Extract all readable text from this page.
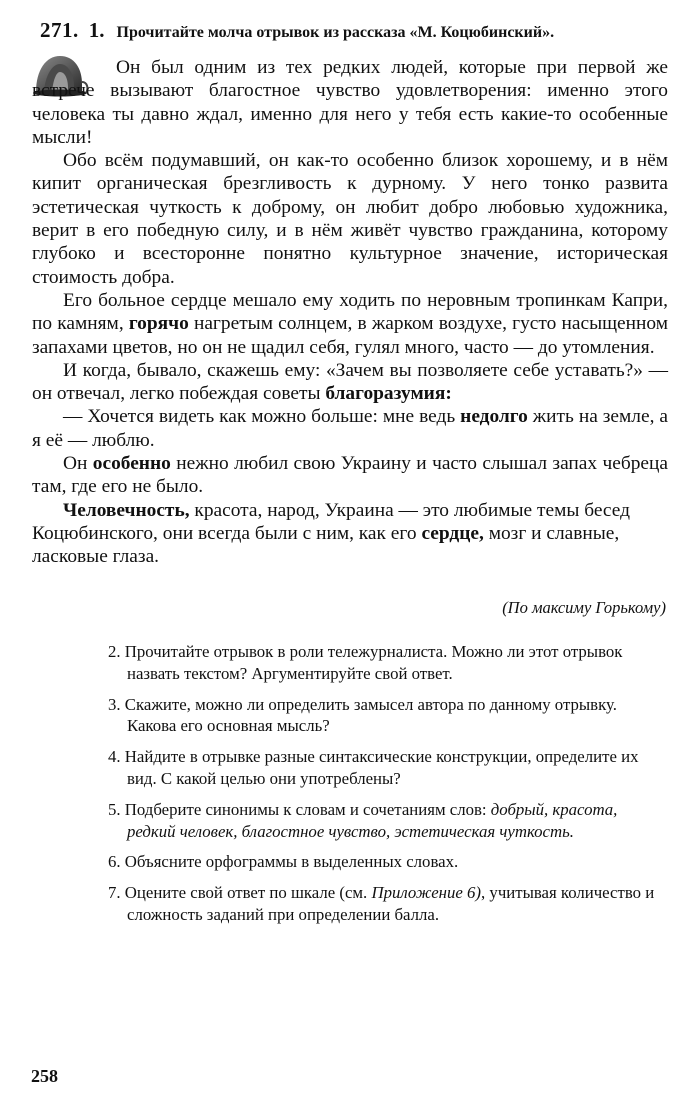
271. 1. Прочитайте молча отрывок из рассказа «М. Коцюбинский».

Он был одним из тех редких людей, которые при первой же встрече вызывают благостное чувство удовлетворения: именно этого человека ты давно ждал, именно для него у тебя есть какие-то особенные мысли!

Обо всём подумавший, он как-то особенно близок хорошему, и в нём кипит органическая брезгливость к дурному. У него тонко развита эстетическая чуткость к доброму, он любит добро любовью художника, верит в его победную силу, и в нём живёт чувство гражданина, которому глубоко и всесторонне понятно культурное значение, историческая стоимость добра.

Его больное сердце мешало ему ходить по неровным тропинкам Капри, по камням, горячо нагретым солнцем, в жарком воздухе, густо насыщенном запахами цветов, но он не щадил себя, гулял много, часто — до утомления.

И когда, бывало, скажешь ему: «Зачем вы позволяете себе уставать?» — он отвечал, легко побеждая советы благоразумия:

— Хочется видеть как можно больше: мне ведь недолго жить на земле, а я её — люблю.

Он особенно нежно любил свою Украину и часто слышал запах чебреца там, где его не было.

Человечность, красота, народ, Украина — это любимые темы бесед Коцюбинского, они всегда были с ним, как его сердце, мозг и славные, ласковые глаза.

(По максиму Горькому)
2. Прочитайте отрывок в роли тележурналиста. Можно ли этот отрывок назвать текстом? Аргументируйте свой ответ.
3. Скажите, можно ли определить замысел автора по данному отрывку. Какова его основная мысль?
4. Найдите в отрывке разные синтаксические конструкции, определите их вид. С какой целью они употреблены?
5. Подберите синонимы к словам и сочетаниям слов: добрый, красота, редкий человек, благостное чувство, эстетическая чуткость.
6. Объясните орфограммы в выделенных словах.
7. Оцените свой ответ по шкале (см. Приложение 6), учитывая количество и сложность заданий при определении балла.
258
